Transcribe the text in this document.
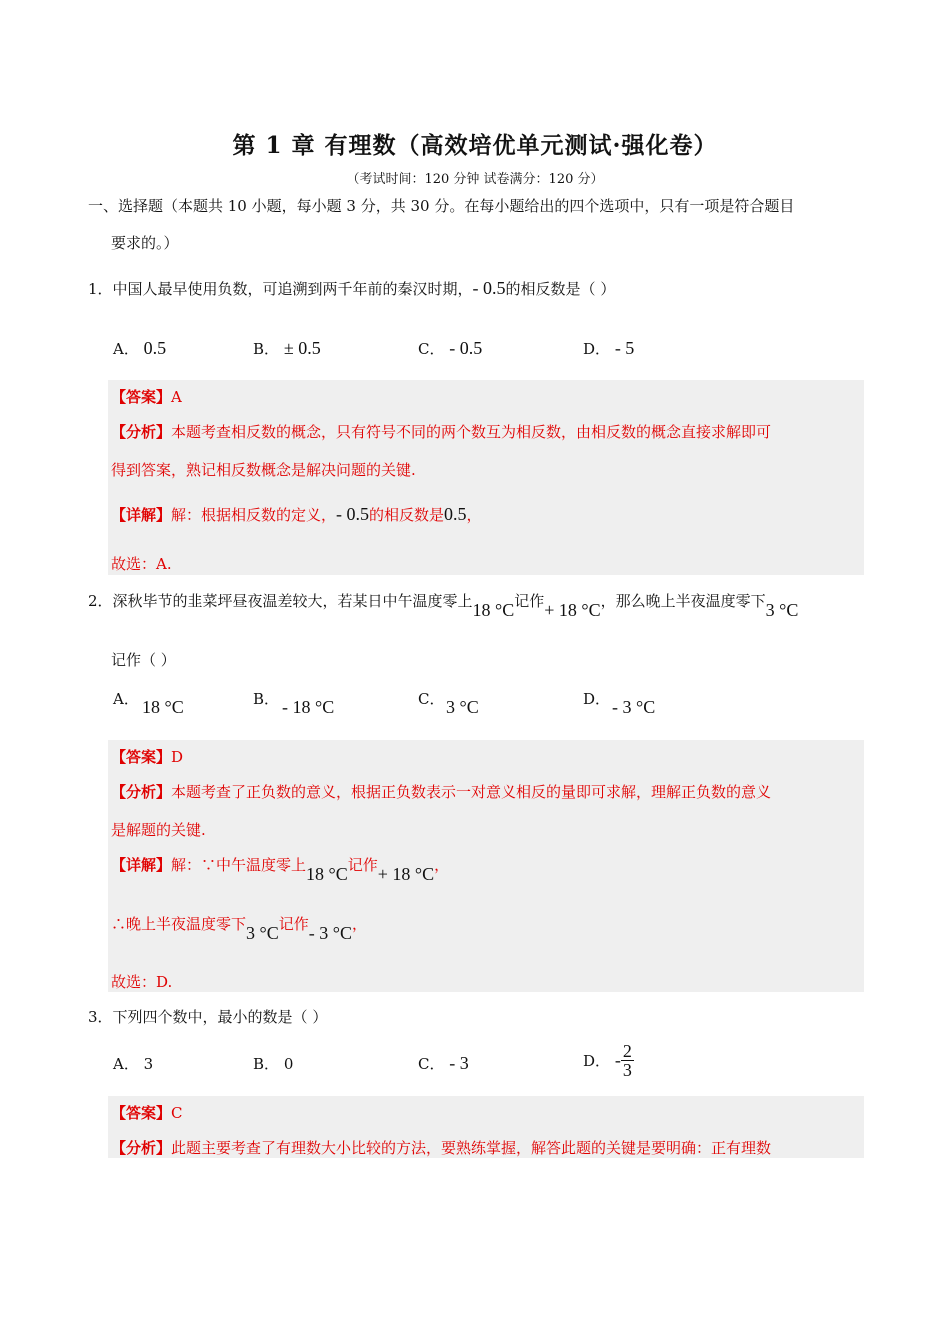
第 1 章 有理数（高效培优单元测试·强化卷）
（考试时间：120 分钟 试卷满分：120 分）
一、选择题（本题共 10 小题，每小题 3 分，共 30 分。在每小题给出的四个选项中，只有一项是符合题目
要求的。）
1．中国人最早使用负数，可追溯到两千年前的秦汉时期，- 0.5的相反数是（ ）
A． 0.5	B． ± 0.5	C． - 0.5	D． - 5
【答案】A
【分析】本题考查相反数的概念，只有符号不同的两个数互为相反数，由相反数的概念直接求解即可
得到答案，熟记相反数概念是解决问题的关键.
【详解】解：根据相反数的定义，- 0.5的相反数是0.5，
故选：A.
2．深秋毕节的韭菜坪昼夜温差较大，若某日中午温度零上18 °C记作+ 18 °C，那么晚上半夜温度零下3 °C
记作（ ）
A． 18 °C	B． - 18 °C	C． 3 °C	D． - 3 °C
【答案】D
【分析】本题考查了正负数的意义，根据正负数表示一对意义相反的量即可求解，理解正负数的意义
是解题的关键.
【详解】解：∵中午温度零上18 °C记作+ 18 °C，
∴晚上半夜温度零下3 °C记作- 3 °C，
故选：D.
3．下列四个数中，最小的数是（ ）
A． 3	B． 0	C． - 3	D． - $\frac{2}{3}$
【答案】C
【分析】此题主要考查了有理数大小比较的方法，要熟练掌握，解答此题的关键是要明确：正有理数
